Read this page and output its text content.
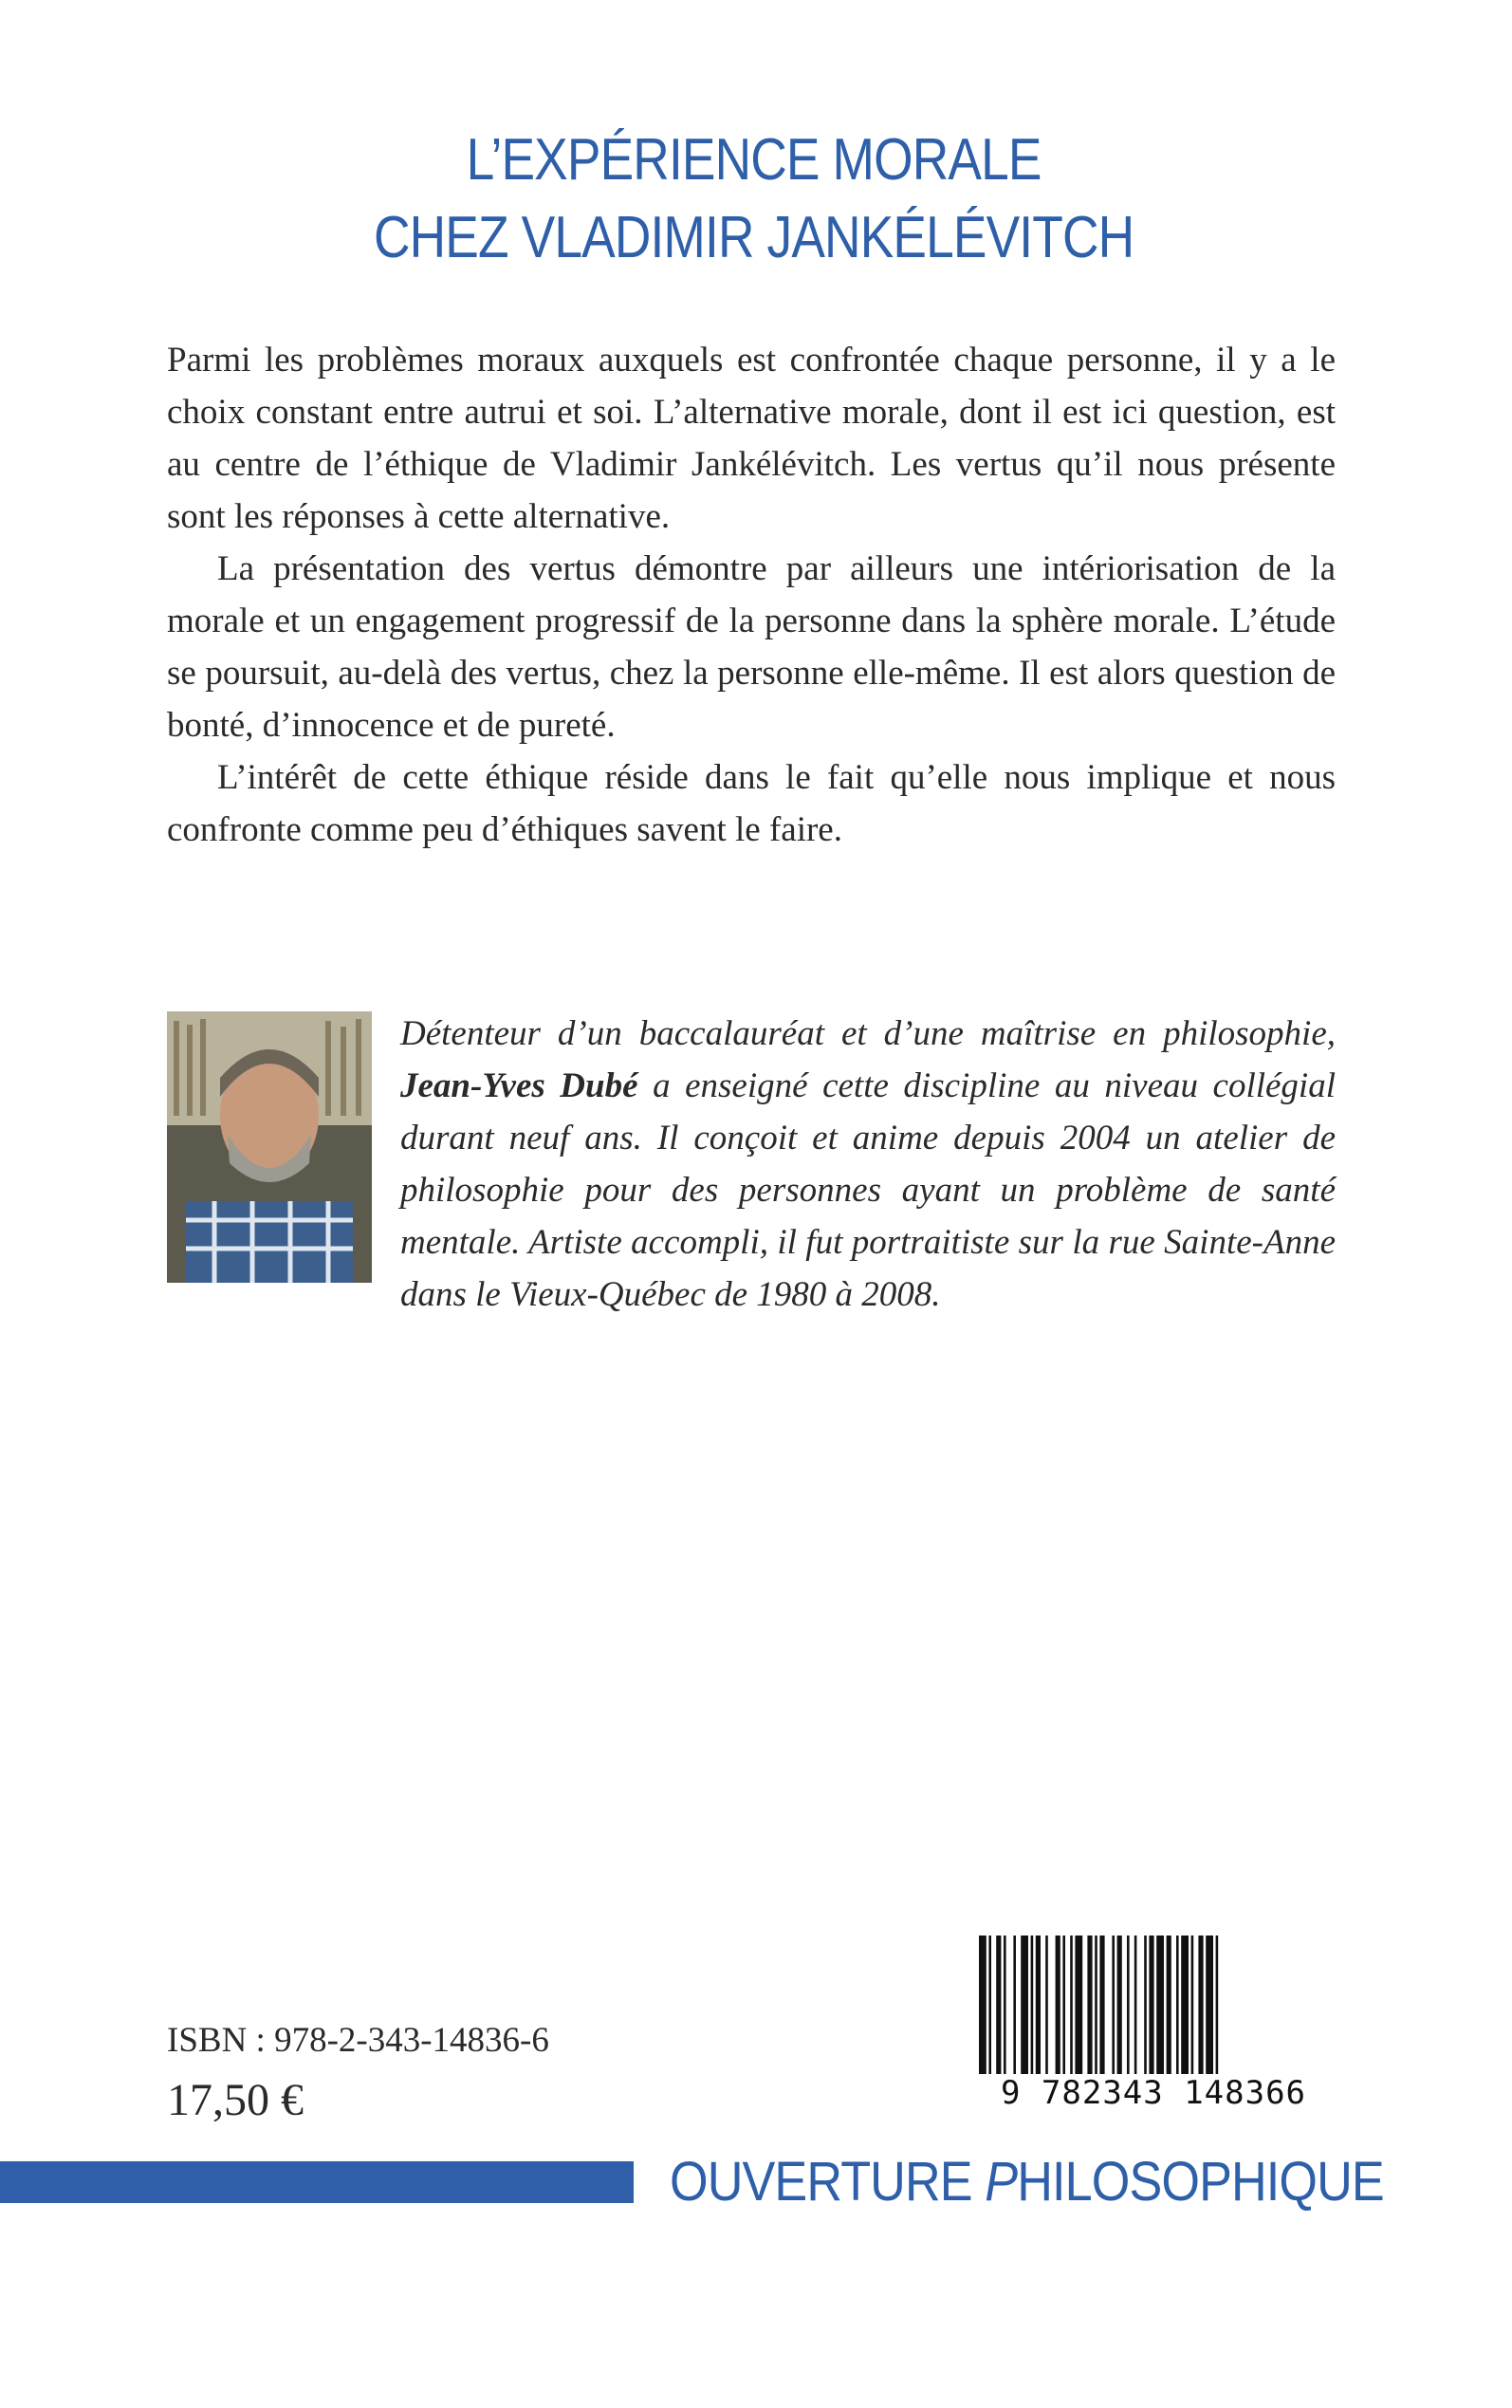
L’EXPÉRIENCE MORALE
CHEZ VLADIMIR JANKÉLÉVITCH

Parmi les problèmes moraux auxquels est confrontée chaque personne, il y a le choix constant entre autrui et soi. L’alternative morale, dont il est ici question, est au centre de l’éthique de Vladimir Jankélévitch. Les vertus qu’il nous présente sont les réponses à cette alternative.

La présentation des vertus démontre par ailleurs une intériorisation de la morale et un engagement progressif de la personne dans la sphère morale. L’étude se poursuit, au-delà des vertus, chez la personne elle-même. Il est alors question de bonté, d’innocence et de pureté.

L’intérêt de cette éthique réside dans le fait qu’elle nous implique et nous confronte comme peu d’éthiques savent le faire.

Détenteur d’un baccalauréat et d’une maîtrise en philosophie, Jean-Yves Dubé a enseigné cette discipline au niveau collégial durant neuf ans. Il conçoit et anime depuis 2004 un atelier de philosophie pour des personnes ayant un problème de santé mentale. Artiste accompli, il fut portraitiste sur la rue Sainte-Anne dans le Vieux-Québec de 1980 à 2008.
ISBN : 978-2-343-14836-6
17,50 €	9 782343 148366
OUVERTURE PHILOSOPHIQUE
